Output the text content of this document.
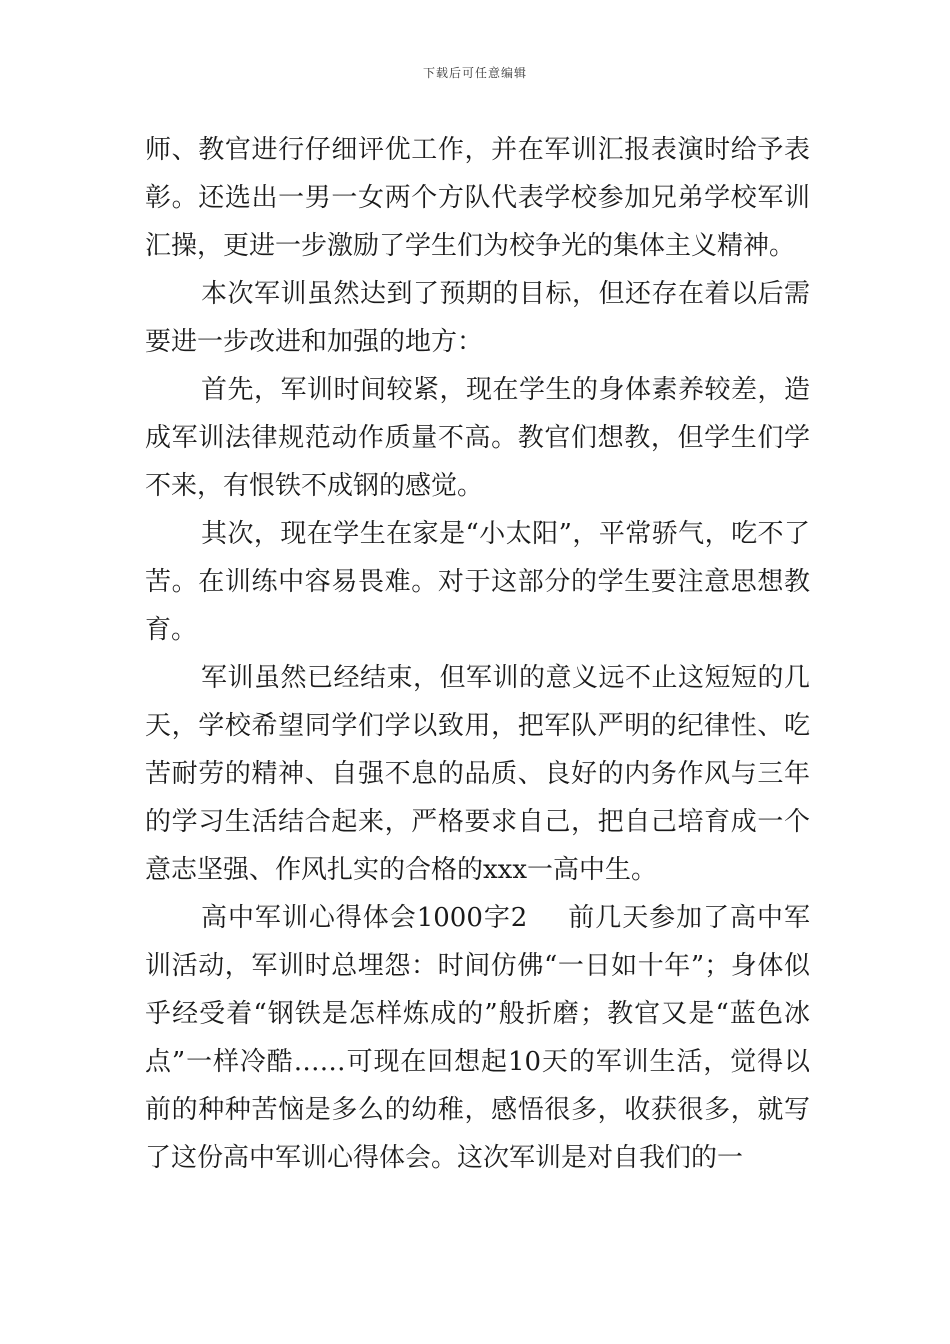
下载后可任意编辑

师、教官进行仔细评优工作，并在军训汇报表演时给予表彰。还选出一男一女两个方队代表学校参加兄弟学校军训汇操，更进一步激励了学生们为校争光的集体主义精神。

本次军训虽然达到了预期的目标，但还存在着以后需要进一步改进和加强的地方：

首先，军训时间较紧，现在学生的身体素养较差，造成军训法律规范动作质量不高。教官们想教，但学生们学不来，有恨铁不成钢的感觉。

其次，现在学生在家是“小太阳”，平常骄气，吃不了苦。在训练中容易畏难。对于这部分的学生要注意思想教育。

军训虽然已经结束，但军训的意义远不止这短短的几天，学校希望同学们学以致用，把军队严明的纪律性、吃苦耐劳的精神、自强不息的品质、良好的内务作风与三年的学习生活结合起来，严格要求自己，把自己培育成一个意志坚强、作风扎实的合格的xxx一高中生。

高中军训心得体会1000字2 前几天参加了高中军训活动，军训时总埋怨：时间仿佛“一日如十年”；身体似乎经受着“钢铁是怎样炼成的”般折磨；教官又是“蓝色冰点”一样冷酷……可现在回想起10天的军训生活，觉得以前的种种苦恼是多么的幼稚，感悟很多，收获很多，就写了这份高中军训心得体会。这次军训是对自我们的一
